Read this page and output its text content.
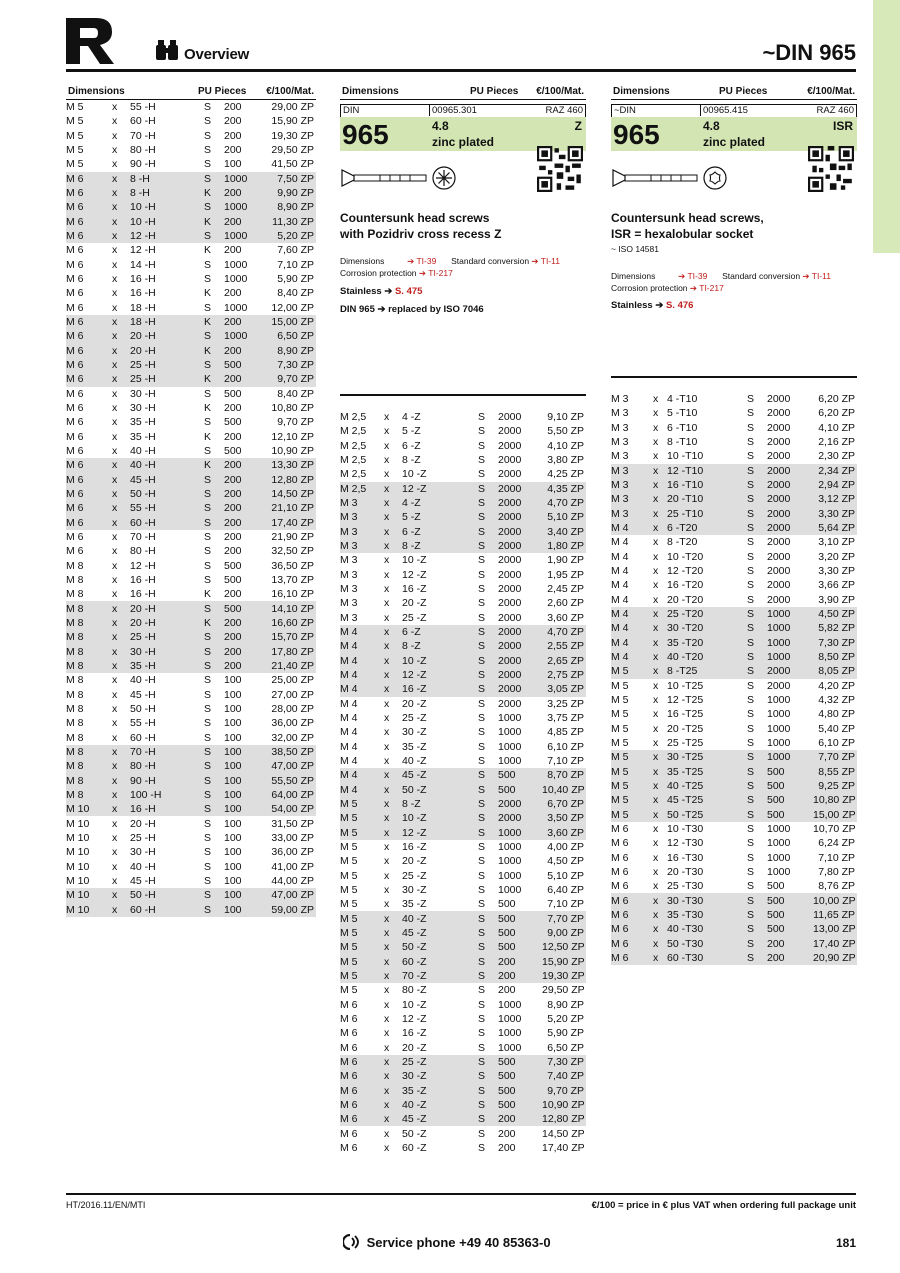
Overview	~DIN 965
Dimensions	PU Pieces €/100/Mat.
M 5	x	55 -H	S	200	29,00 ZP
M 5	x	60 -H	S	200	15,90 ZP
M 5	x	70 -H	S	200	19,30 ZP
M 5	x	80 -H	S	200	29,50 ZP
M 5	x	90 -H	S	100	41,50 ZP
M 6	x	8 -H	S	1000	7,50 ZP
M 6	x	8 -H	K	200	9,90 ZP
M 6	x	10 -H	S	1000	8,90 ZP
M 6	x	10 -H	K	200	11,30 ZP
M 6	x	12 -H	S	1000	5,20 ZP
M 6	x	12 -H	K	200	7,60 ZP
M 6	x	14 -H	S	1000	7,10 ZP
M 6	x	16 -H	S	1000	5,90 ZP
M 6	x	16 -H	K	200	8,40 ZP
M 6	x	18 -H	S	1000	12,00 ZP
M 6	x	18 -H	K	200	15,00 ZP
M 6	x	20 -H	S	1000	6,50 ZP
M 6	x	20 -H	K	200	8,90 ZP
M 6	x	25 -H	S	500	7,30 ZP
M 6	x	25 -H	K	200	9,70 ZP
M 6	x	30 -H	S	500	8,40 ZP
M 6	x	30 -H	K	200	10,80 ZP
M 6	x	35 -H	S	500	9,70 ZP
M 6	x	35 -H	K	200	12,10 ZP
M 6	x	40 -H	S	500	10,90 ZP
M 6	x	40 -H	K	200	13,30 ZP
M 6	x	45 -H	S	200	12,80 ZP
M 6	x	50 -H	S	200	14,50 ZP
M 6	x	55 -H	S	200	21,10 ZP
M 6	x	60 -H	S	200	17,40 ZP
M 6	x	70 -H	S	200	21,90 ZP
M 6	x	80 -H	S	200	32,50 ZP
M 8	x	12 -H	S	500	36,50 ZP
M 8	x	16 -H	S	500	13,70 ZP
M 8	x	16 -H	K	200	16,10 ZP
M 8	x	20 -H	S	500	14,10 ZP
M 8	x	20 -H	K	200	16,60 ZP
M 8	x	25 -H	S	200	15,70 ZP
M 8	x	30 -H	S	200	17,80 ZP
M 8	x	35 -H	S	200	21,40 ZP
M 8	x	40 -H	S	100	25,00 ZP
M 8	x	45 -H	S	100	27,00 ZP
M 8	x	50 -H	S	100	28,00 ZP
M 8	x	55 -H	S	100	36,00 ZP
M 8	x	60 -H	S	100	32,00 ZP
M 8	x	70 -H	S	100	38,50 ZP
M 8	x	80 -H	S	100	47,00 ZP
M 8	x	90 -H	S	100	55,50 ZP
M 8	x	100 -H	S	100	64,00 ZP
M 10	x	16 -H	S	100	54,00 ZP
M 10	x	20 -H	S	100	31,50 ZP
M 10	x	25 -H	S	100	33,00 ZP
M 10	x	30 -H	S	100	36,00 ZP
M 10	x	40 -H	S	100	41,00 ZP
M 10	x	45 -H	S	100	44,00 ZP
M 10	x	50 -H	S	100	47,00 ZP
M 10	x	60 -H	S	100	59,00 ZP
Dimensions	PU Pieces €/100/Mat.
DIN	00965.301	RAZ 460
965	4.8
zinc plated
Z
Countersunk head screws
with Pozidriv cross recess Z
Dimensions	➔ TI-39 Standard conversion ➔ TI-11
Corrosion protection ➔ TI-217
Stainless ➔ S. 475
DIN 965 ➔ replaced by ISO 7046
M 2,5	x	4 -Z	S	2000	9,10 ZP
M 2,5	x	5 -Z	S	2000	5,50 ZP
M 2,5	x	6 -Z	S	2000	4,10 ZP
M 2,5	x	8 -Z	S	2000	3,80 ZP
M 2,5	x	10 -Z	S	2000	4,25 ZP
M 2,5	x	12 -Z	S	2000	4,35 ZP
M 3	x	4 -Z	S	2000	4,70 ZP
M 3	x	5 -Z	S	2000	5,10 ZP
M 3	x	6 -Z	S	2000	3,40 ZP
M 3	x	8 -Z	S	2000	1,80 ZP
M 3	x	10 -Z	S	2000	1,90 ZP
M 3	x	12 -Z	S	2000	1,95 ZP
M 3	x	16 -Z	S	2000	2,45 ZP
M 3	x	20 -Z	S	2000	2,60 ZP
M 3	x	25 -Z	S	2000	3,60 ZP
M 4	x	6 -Z	S	2000	4,70 ZP
M 4	x	8 -Z	S	2000	2,55 ZP
M 4	x	10 -Z	S	2000	2,65 ZP
M 4	x	12 -Z	S	2000	2,75 ZP
M 4	x	16 -Z	S	2000	3,05 ZP
M 4	x	20 -Z	S	2000	3,25 ZP
M 4	x	25 -Z	S	1000	3,75 ZP
M 4	x	30 -Z	S	1000	4,85 ZP
M 4	x	35 -Z	S	1000	6,10 ZP
M 4	x	40 -Z	S	1000	7,10 ZP
M 4	x	45 -Z	S	500	8,70 ZP
M 4	x	50 -Z	S	500	10,40 ZP
M 5	x	8 -Z	S	2000	6,70 ZP
M 5	x	10 -Z	S	2000	3,50 ZP
M 5	x	12 -Z	S	1000	3,60 ZP
M 5	x	16 -Z	S	1000	4,00 ZP
M 5	x	20 -Z	S	1000	4,50 ZP
M 5	x	25 -Z	S	1000	5,10 ZP
M 5	x	30 -Z	S	1000	6,40 ZP
M 5	x	35 -Z	S	500	7,10 ZP
M 5	x	40 -Z	S	500	7,70 ZP
M 5	x	45 -Z	S	500	9,00 ZP
M 5	x	50 -Z	S	500	12,50 ZP
M 5	x	60 -Z	S	200	15,90 ZP
M 5	x	70 -Z	S	200	19,30 ZP
M 5	x	80 -Z	S	200	29,50 ZP
M 6	x	10 -Z	S	1000	8,90 ZP
M 6	x	12 -Z	S	1000	5,20 ZP
M 6	x	16 -Z	S	1000	5,90 ZP
M 6	x	20 -Z	S	1000	6,50 ZP
M 6	x	25 -Z	S	500	7,30 ZP
M 6	x	30 -Z	S	500	7,40 ZP
M 6	x	35 -Z	S	500	9,70 ZP
M 6	x	40 -Z	S	500	10,90 ZP
M 6	x	45 -Z	S	200	12,80 ZP
M 6	x	50 -Z	S	200	14,50 ZP
M 6	x	60 -Z	S	200	17,40 ZP
Dimensions	PU Pieces	€/100/Mat.
~DIN	00965.415	RAZ 460
965	4.8
zinc plated
ISR
Countersunk head screws,
ISR = hexalobular socket
~ ISO 14581
Dimensions	➔ TI-39 Standard conversion ➔ TI-11
Corrosion protection ➔ TI-217
Stainless ➔ S. 476
M 3	x	4 -T10	S	2000	6,20 ZP
M 3	x	5 -T10	S	2000	6,20 ZP
M 3	x	6 -T10	S	2000	4,10 ZP
M 3	x	8 -T10	S	2000	2,16 ZP
M 3	x	10 -T10	S	2000	2,30 ZP
M 3	x	12 -T10	S	2000	2,34 ZP
M 3	x	16 -T10	S	2000	2,94 ZP
M 3	x	20 -T10	S	2000	3,12 ZP
M 3	x	25 -T10	S	2000	3,30 ZP
M 4	x	6 -T20	S	2000	5,64 ZP
M 4	x	8 -T20	S	2000	3,10 ZP
M 4	x	10 -T20	S	2000	3,20 ZP
M 4	x	12 -T20	S	2000	3,30 ZP
M 4	x	16 -T20	S	2000	3,66 ZP
M 4	x	20 -T20	S	2000	3,90 ZP
M 4	x	25 -T20	S	1000	4,50 ZP
M 4	x	30 -T20	S	1000	5,82 ZP
M 4	x	35 -T20	S	1000	7,30 ZP
M 4	x	40 -T20	S	1000	8,50 ZP
M 5	x	8 -T25	S	2000	8,05 ZP
M 5	x	10 -T25	S	2000	4,20 ZP
M 5	x	12 -T25	S	1000	4,32 ZP
M 5	x	16 -T25	S	1000	4,80 ZP
M 5	x	20 -T25	S	1000	5,40 ZP
M 5	x	25 -T25	S	1000	6,10 ZP
M 5	x	30 -T25	S	1000	7,70 ZP
M 5	x	35 -T25	S	500	8,55 ZP
M 5	x	40 -T25	S	500	9,25 ZP
M 5	x	45 -T25	S	500	10,80 ZP
M 5	x	50 -T25	S	500	15,00 ZP
M 6	x	10 -T30	S	1000	10,70 ZP
M 6	x	12 -T30	S	1000	6,24 ZP
M 6	x	16 -T30	S	1000	7,10 ZP
M 6	x	20 -T30	S	1000	7,80 ZP
M 6	x	25 -T30	S	500	8,76 ZP
M 6	x	30 -T30	S	500	10,00 ZP
M 6	x	35 -T30	S	500	11,65 ZP
M 6	x	40 -T30	S	500	13,00 ZP
M 6	x	50 -T30	S	200	17,40 ZP
M 6	x	60 -T30	S	200	20,90 ZP
HT/2016.11/EN/MTI	€/100 = price in € plus VAT when ordering full package unit
Service phone +49 40 85363-0	181
